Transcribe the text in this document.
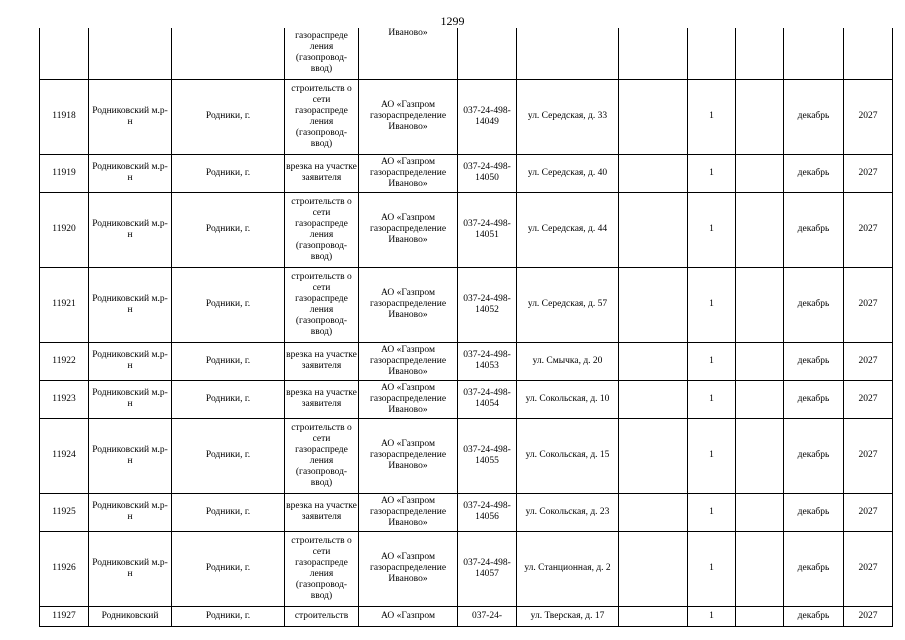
1299
			газораспреде ления (газопровод-ввод)	Иваново»							
11918	Родниковский м.р-н	Родники, г.	строительств о сети газораспреде ления (газопровод-ввод)	АО «Газпром газораспределение Иваново»	037-24-498-14049	ул. Середская, д. 33		1		декабрь	2027
11919	Родниковский м.р-н	Родники, г.	врезка на участке заявителя	АО «Газпром газораспределение Иваново»	037-24-498-14050	ул. Середская, д. 40		1		декабрь	2027
11920	Родниковский м.р-н	Родники, г.	строительств о сети газораспреде ления (газопровод-ввод)	АО «Газпром газораспределение Иваново»	037-24-498-14051	ул. Середская, д. 44		1		декабрь	2027
11921	Родниковский м.р-н	Родники, г.	строительств о сети газораспреде ления (газопровод-ввод)	АО «Газпром газораспределение Иваново»	037-24-498-14052	ул. Середская, д. 57		1		декабрь	2027
11922	Родниковский м.р-н	Родники, г.	врезка на участке заявителя	АО «Газпром газораспределение Иваново»	037-24-498-14053	ул. Смычка, д. 20		1		декабрь	2027
11923	Родниковский м.р-н	Родники, г.	врезка на участке заявителя	АО «Газпром газораспределение Иваново»	037-24-498-14054	ул. Сокольская, д. 10		1		декабрь	2027
11924	Родниковский м.р-н	Родники, г.	строительств о сети газораспреде ления (газопровод-ввод)	АО «Газпром газораспределение Иваново»	037-24-498-14055	ул. Сокольская, д. 15		1		декабрь	2027
11925	Родниковский м.р-н	Родники, г.	врезка на участке заявителя	АО «Газпром газораспределение Иваново»	037-24-498-14056	ул. Сокольская, д. 23		1		декабрь	2027
11926	Родниковский м.р-н	Родники, г.	строительств о сети газораспреде ления (газопровод-ввод)	АО «Газпром газораспределение Иваново»	037-24-498-14057	ул. Станционная, д. 2		1		декабрь	2027
11927	Родниковский	Родники, г.	строительств	АО «Газпром	037-24-	ул. Тверская, д. 17		1		декабрь	2027
